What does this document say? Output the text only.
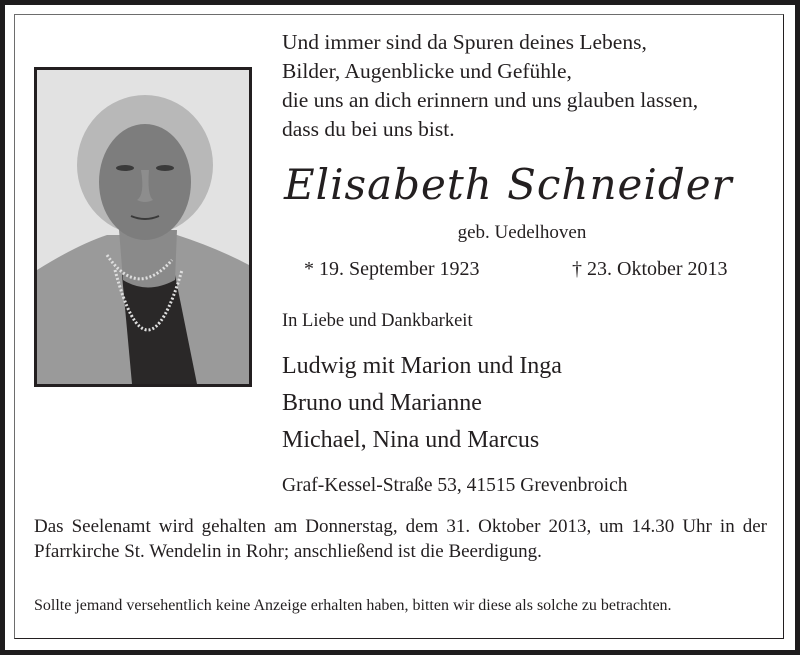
Und immer sind da Spuren deines Lebens,
Bilder, Augenblicke und Gefühle,
die uns an dich erinnern und uns glauben lassen,
dass du bei uns bist.
Elisabeth Schneider
geb. Uedelhoven
* 19. September 1923	† 23. Oktober 2013
In Liebe und Dankbarkeit
Ludwig mit Marion und Inga
Bruno und Marianne
Michael, Nina und Marcus
Graf-Kessel-Straße 53, 41515 Grevenbroich
Das Seelenamt wird gehalten am Donnerstag, dem 31. Oktober 2013, um 14.30 Uhr in der Pfarrkirche St. Wendelin in Rohr; anschließend ist die Beerdigung.
Sollte jemand versehentlich keine Anzeige erhalten haben, bitten wir diese als solche zu betrachten.
